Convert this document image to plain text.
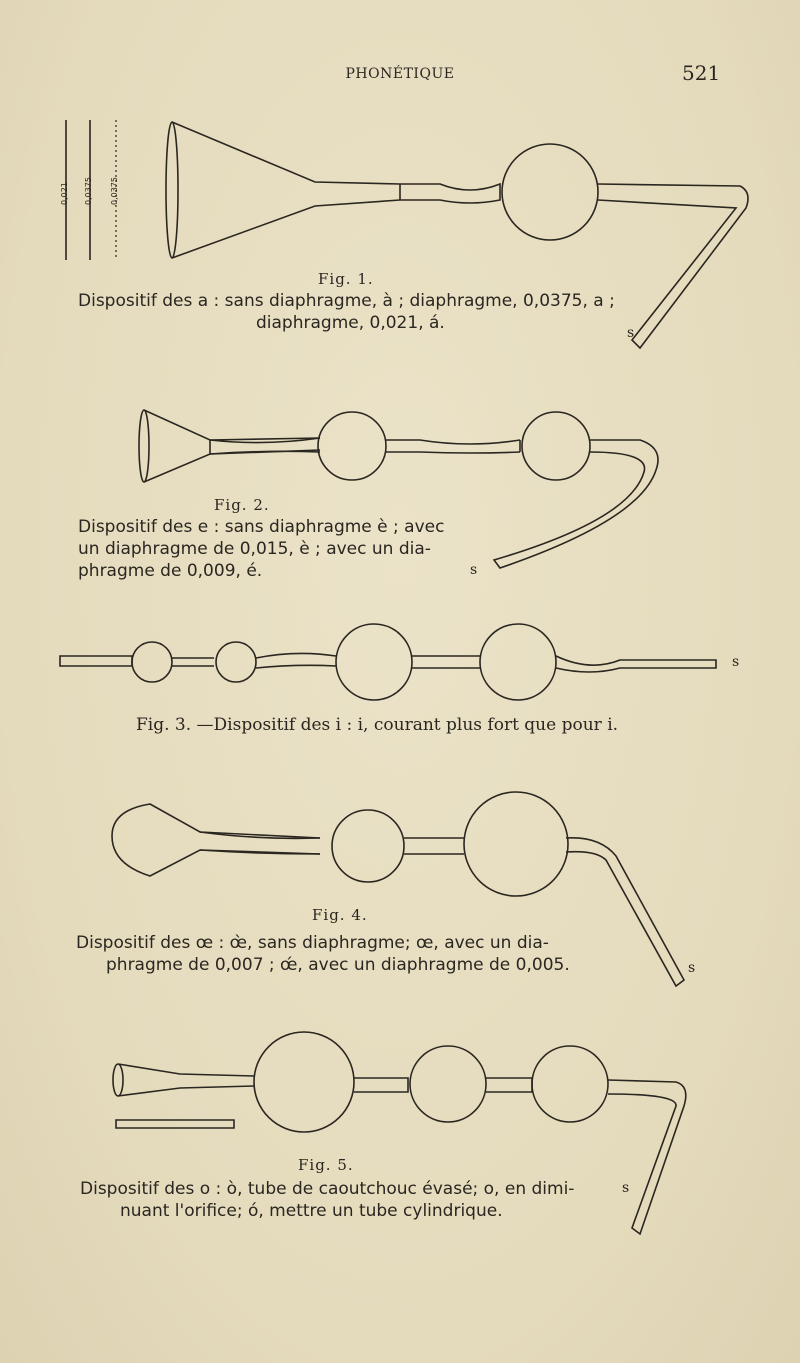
PHONÉTIQUE	521
0,021 0,0375 0,0375
Fig. 1.
Dispositif des a : sans diaphragme, à ; diaphragme, 0,0375, a ;
diaphragme, 0,021, á.	s
Fig. 2.
Dispositif des e : sans diaphragme è ; avec
un diaphragme de 0,015, è ; avec un dia-
phragme de 0,009, é.	s
s
Fig. 3. —Dispositif des i : i, courant plus fort que pour i.
Fig. 4.
Dispositif des œ : œ̀, sans diaphragme; œ, avec un dia-
phragme de 0,007 ; œ́, avec un diaphragme de 0,005.	s
Fig. 5.
Dispositif des o : ò, tube de caoutchouc évasé; o, en dimi-
nuant l'orifice; ó, mettre un tube cylindrique.
s
